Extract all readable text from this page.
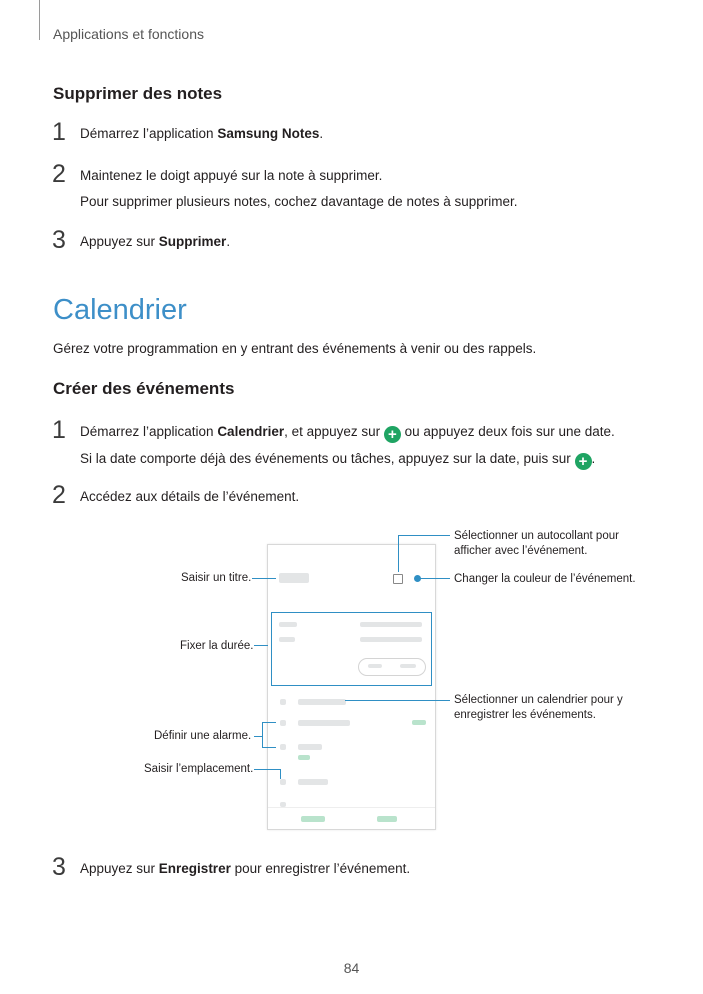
Applications et fonctions
Supprimer des notes
1 Démarrez l’application Samsung Notes.
2 Maintenez le doigt appuyé sur la note à supprimer.
Pour supprimer plusieurs notes, cochez davantage de notes à supprimer.
3 Appuyez sur Supprimer.
Calendrier
Gérez votre programmation en y entrant des événements à venir ou des rappels.
Créer des événements
1 Démarrez l’application Calendrier, et appuyez sur + ou appuyez deux fois sur une date.
Si la date comporte déjà des événements ou tâches, appuyez sur la date, puis sur + .
2 Accédez aux détails de l’événement.
Saisir un titre.
Fixer la durée.
Définir une alarme.
Saisir l’emplacement.
Sélectionner un autocollant pour afficher avec l’événement.
Changer la couleur de l’événement.
Sélectionner un calendrier pour y enregistrer les événements.
3 Appuyez sur Enregistrer pour enregistrer l’événement.
84
